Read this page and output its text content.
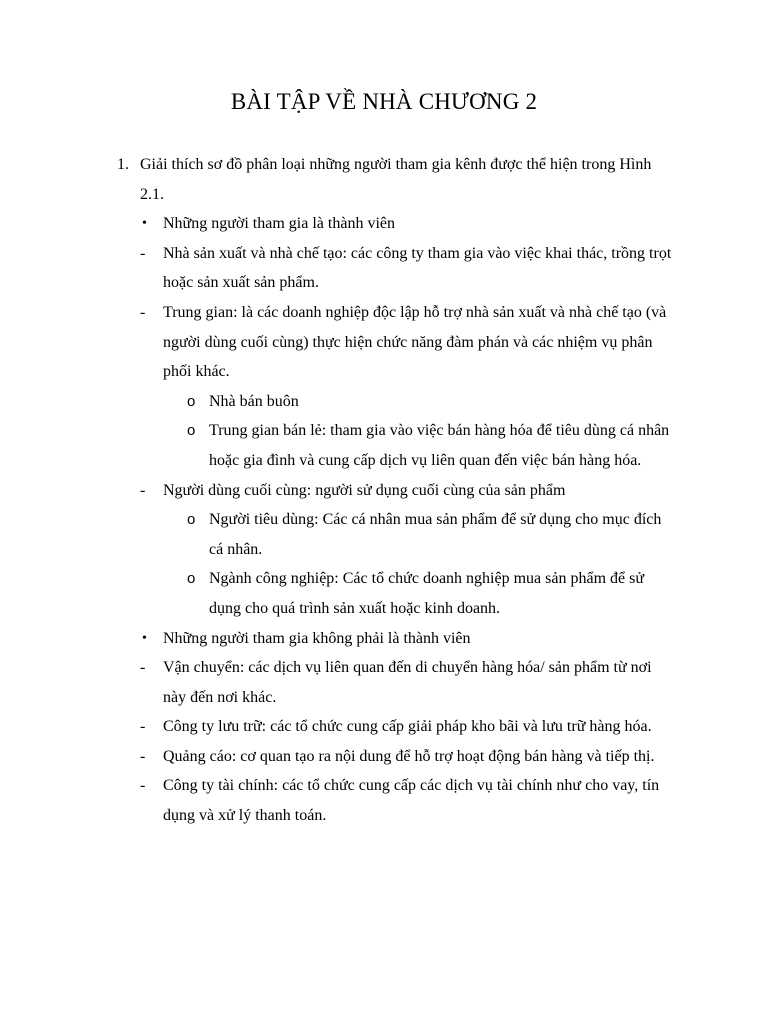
BÀI TẬP VỀ NHÀ CHƯƠNG 2
1. Giải thích sơ đồ phân loại những người tham gia kênh được thể hiện trong Hình 2.1.
• Những người tham gia là thành viên
- Nhà sản xuất và nhà chế tạo: các công ty tham gia vào việc khai thác, trồng trọt hoặc sản xuất sản phẩm.
- Trung gian: là các doanh nghiệp độc lập hỗ trợ nhà sản xuất và nhà chế tạo (và người dùng cuối cùng) thực hiện chức năng đàm phán và các nhiệm vụ phân phối khác.
o Nhà bán buôn
o Trung gian bán lẻ: tham gia vào việc bán hàng hóa để tiêu dùng cá nhân hoặc gia đình và cung cấp dịch vụ liên quan đến việc bán hàng hóa.
- Người dùng cuối cùng: người sử dụng cuối cùng của sản phẩm
o Người tiêu dùng: Các cá nhân mua sản phẩm để sử dụng cho mục đích cá nhân.
o Ngành công nghiệp: Các tổ chức doanh nghiệp mua sản phẩm để sử dụng cho quá trình sản xuất hoặc kinh doanh.
• Những người tham gia không phải là thành viên
- Vận chuyển: các dịch vụ liên quan đến di chuyển hàng hóa/ sản phẩm từ nơi này đến nơi khác.
- Công ty lưu trữ: các tổ chức cung cấp giải pháp kho bãi và lưu trữ hàng hóa.
- Quảng cáo: cơ quan tạo ra nội dung để hỗ trợ hoạt động bán hàng và tiếp thị.
- Công ty tài chính: các tổ chức cung cấp các dịch vụ tài chính như cho vay, tín dụng và xử lý thanh toán.
